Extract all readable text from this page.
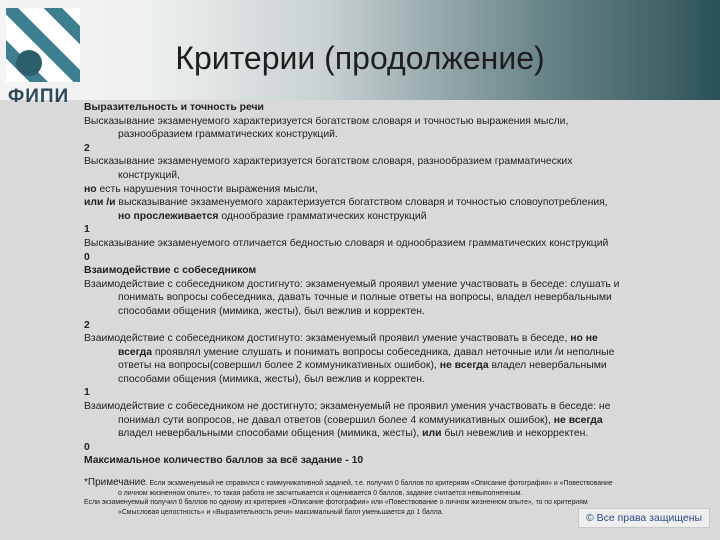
ФИПИ
Критерии (продолжение)

Выразительность и точность речи

Высказывание экзаменуемого характеризуется богатством словаря и точностью выражения мысли,

разнообразием грамматических конструкций.

2

Высказывание экзаменуемого характеризуется богатством словаря, разнообразием грамматических

конструкций,

но есть нарушения точности выражения мысли,

или /и высказывание экзаменуемого характеризуется богатством словаря и точностью словоупотребления,

но прослеживается однообразие грамматических конструкций

1

Высказывание экзаменуемого отличается бедностью словаря и однообразием грамматических конструкций

0

Взаимодействие с собеседником

Взаимодействие с собеседником достигнуто: экзаменуемый проявил умение участвовать в беседе: слушать и

понимать вопросы собеседника, давать точные и полные ответы на вопросы, владел невербальными

способами общения (мимика, жесты), был вежлив и корректен.

2

Взаимодействие с собеседником достигнуто: экзаменуемый проявил умение участвовать в беседе, но не

всегда проявлял умение слушать и понимать вопросы собеседника, давал неточные или /и неполные

ответы на вопросы(совершил более 2 коммуникативных ошибок), не всегда владел невербальными

способами общения (мимика, жесты), был вежлив и корректен.

1

Взаимодействие с собеседником не достигнуто; экзаменуемый не проявил умения участвовать в беседе: не

понимал сути вопросов, не давал ответов (совершил более 4 коммуникативных ошибок), не всегда

владел невербальными способами общения (мимика, жесты), или был невежлив и некорректен.

0

Максимальное количество баллов за всё задание - 10

*Примечание. Если экзаменуемый не справился с коммуникативной задачей, т.е. получил 0 баллов по критериям «Описание фотографии» и «Повествование

о личном жизненном опыте», то такая работа не засчитывается и оценивается 0 баллов, задание считается невыполненным.

Если экзаменуемый получил 0 баллов по одному из критериев «Описание фотографии» или «Повествование о личном жизненном опыте», то по критериям

«Смысловая целостность» и «Выразительность речи» максимальный балл уменьшается до 1 балла.	© Все права защищены
